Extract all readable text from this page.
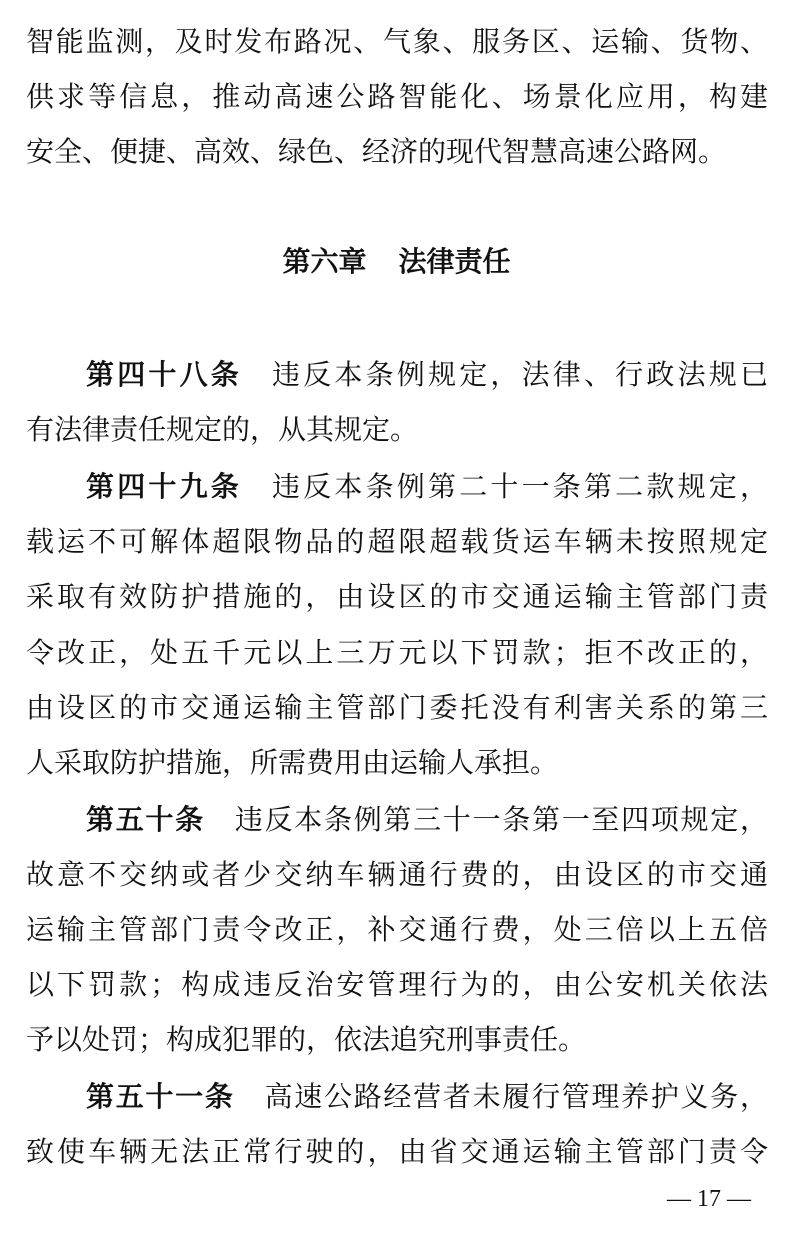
智能监测，及时发布路况、气象、服务区、运输、货物、
供求等信息，推动高速公路智能化、场景化应用，构建
安全、便捷、高效、绿色、经济的现代智慧高速公路网。
第六章 法律责任
第四十八条 违反本条例规定，法律、行政法规已
有法律责任规定的，从其规定。
第四十九条 违反本条例第二十一条第二款规定，
载运不可解体超限物品的超限超载货运车辆未按照规定
采取有效防护措施的，由设区的市交通运输主管部门责
令改正，处五千元以上三万元以下罚款；拒不改正的，
由设区的市交通运输主管部门委托没有利害关系的第三
人采取防护措施，所需费用由运输人承担。
第五十条 违反本条例第三十一条第一至四项规定，
故意不交纳或者少交纳车辆通行费的，由设区的市交通
运输主管部门责令改正，补交通行费，处三倍以上五倍
以下罚款；构成违反治安管理行为的，由公安机关依法
予以处罚；构成犯罪的，依法追究刑事责任。
第五十一条 高速公路经营者未履行管理养护义务，
致使车辆无法正常行驶的，由省交通运输主管部门责令
— 17 —
